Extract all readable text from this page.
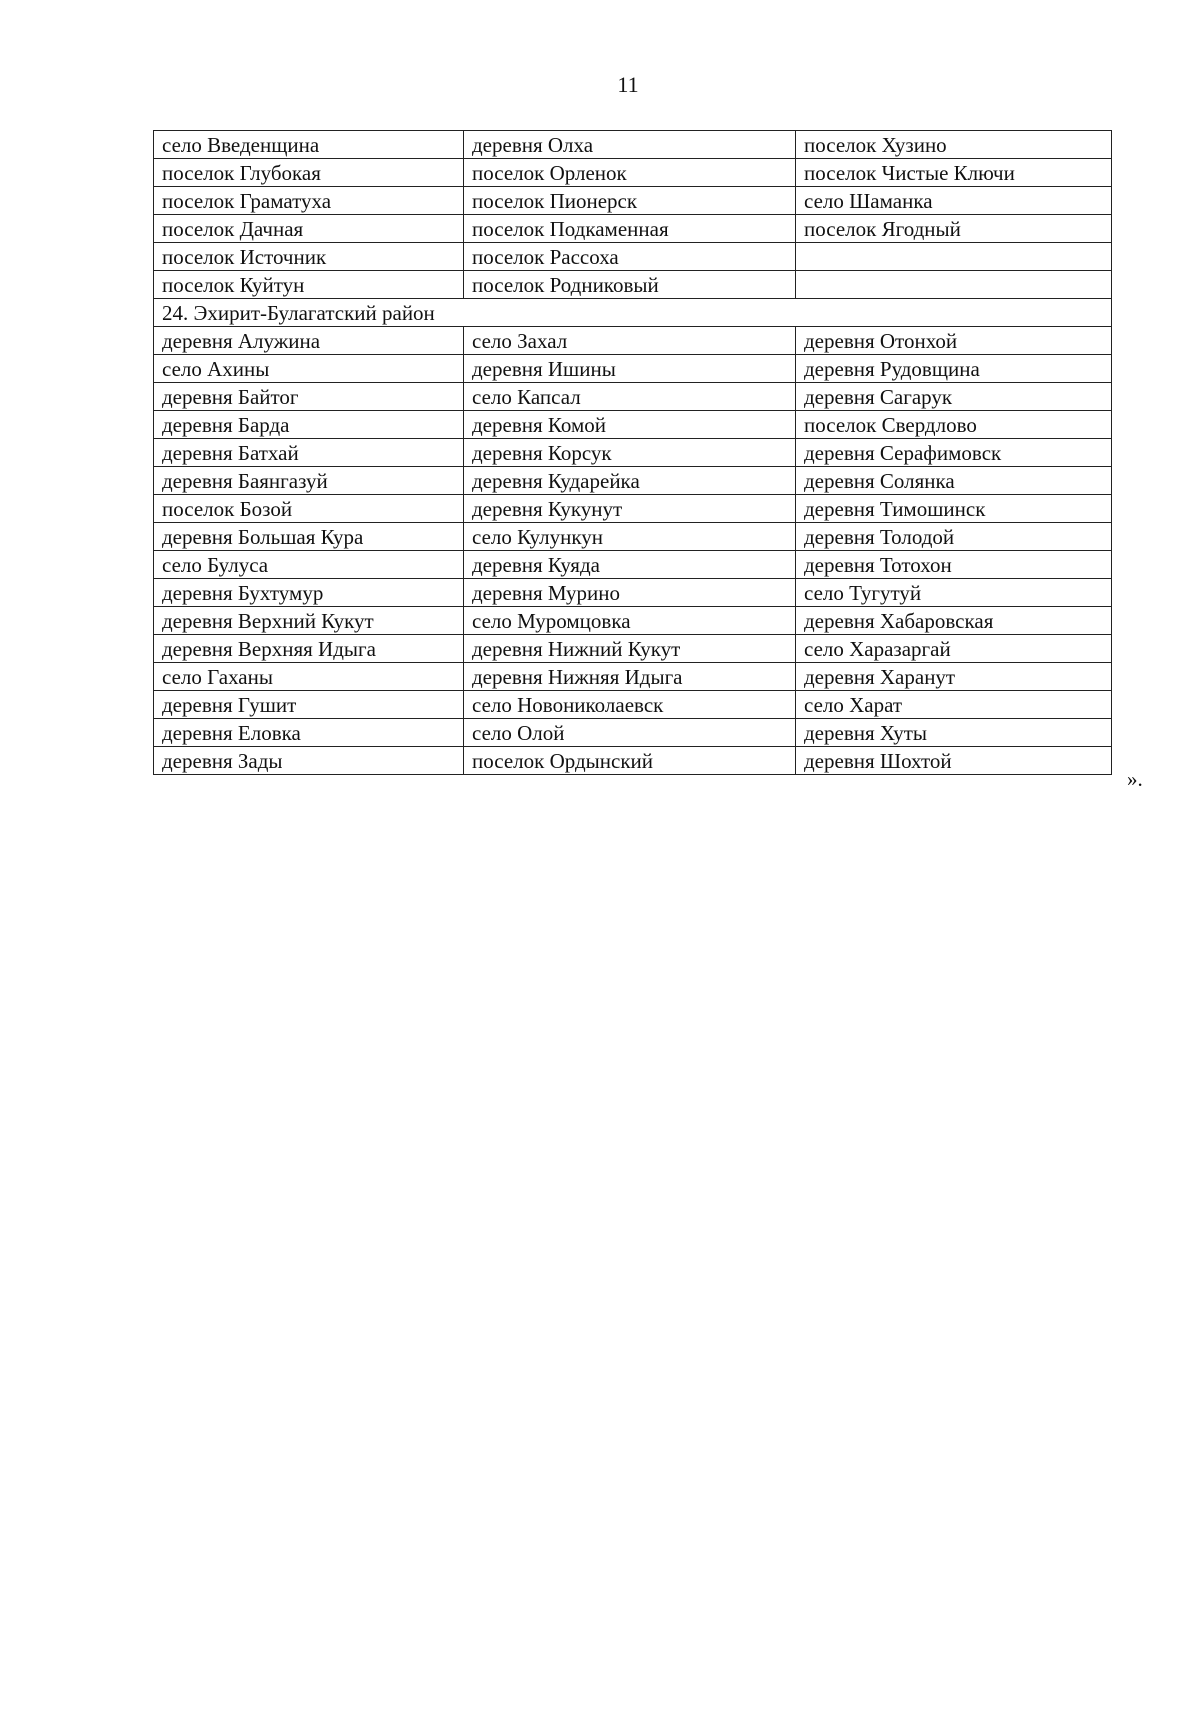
11
село Введенщина	деревня Олха	поселок Хузино
поселок Глубокая	поселок Орленок	поселок Чистые Ключи
поселок Граматуха	поселок Пионерск	село Шаманка
поселок Дачная	поселок Подкаменная	поселок Ягодный
поселок Источник	поселок Рассоха	
поселок Куйтун	поселок Родниковый	
24. Эхирит-Булагатский район		
деревня Алужина	село Захал	деревня Отонхой
село Ахины	деревня Ишины	деревня Рудовщина
деревня Байтог	село Капсал	деревня Сагарук
деревня Барда	деревня Комой	поселок Свердлово
деревня Батхай	деревня Корсук	деревня Серафимовск
деревня Баянгазуй	деревня Кударейка	деревня Солянка
поселок Бозой	деревня Кукунут	деревня Тимошинск
деревня Большая Кура	село Кулункун	деревня Толодой
село Булуса	деревня Куяда	деревня Тотохон
деревня Бухтумур	деревня Мурино	село Тугутуй
деревня Верхний Кукут	село Муромцовка	деревня Хабаровская
деревня Верхняя Идыга	деревня Нижний Кукут	село Харазаргай
село Гаханы	деревня Нижняя Идыга	деревня Харанут
деревня Гушит	село Новониколаевск	село Харат
деревня Еловка	село Олой	деревня Хуты
деревня Зады	поселок Ордынский	деревня Шохтой
».
